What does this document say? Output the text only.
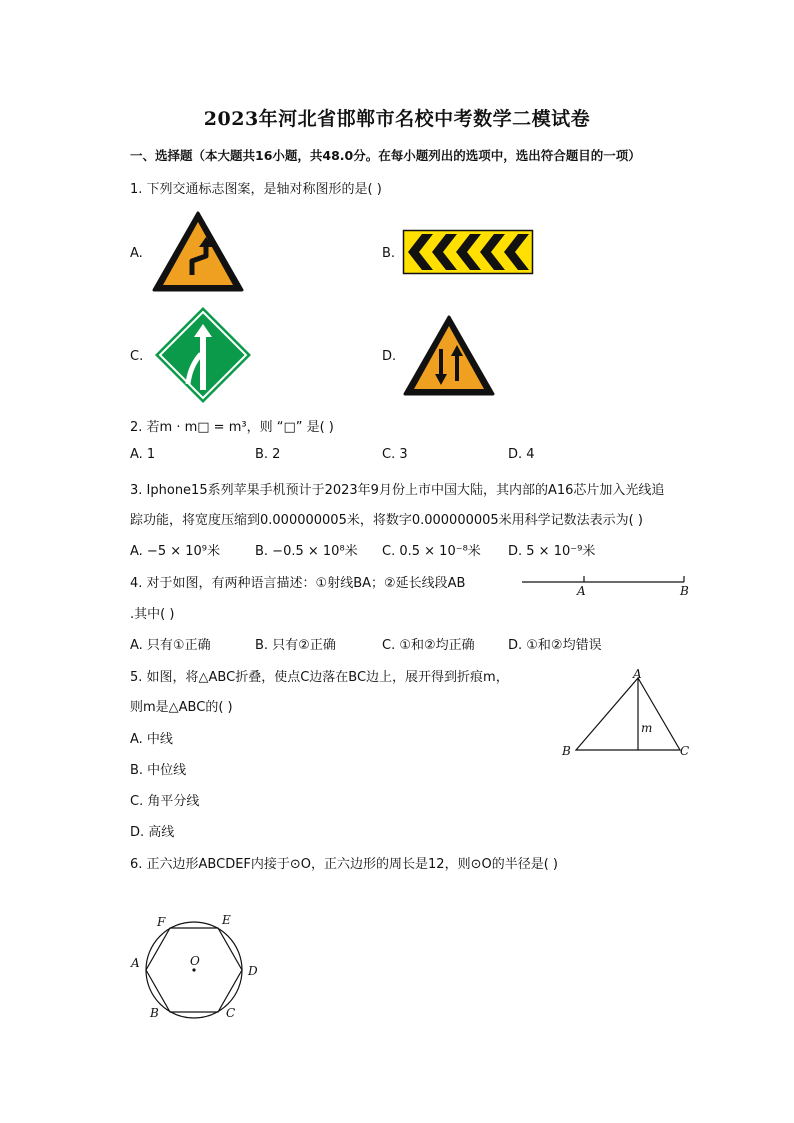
2023年河北省邯郸市名校中考数学二模试卷
一、选择题（本大题共16小题，共48.0分。在每小题列出的选项中，选出符合题目的一项）
1. 下列交通标志图案，是轴对称图形的是( )
A.	B.
C.	D.
2. 若m · m□ = m³，则 “□” 是( )
A. 1	B. 2	C. 3	D. 4
3. Iphone15系列苹果手机预计于2023年9月份上市中国大陆，其内部的A16芯片加入光线追
踪功能，将宽度压缩到0.000000005米，将数字0.000000005米用科学记数法表示为( )
A. −5 × 10⁹米	B. −0.5 × 10⁸米 C. 0.5 × 10⁻⁸米 D. 5 × 10⁻⁹米
4. 对于如图，有两种语言描述：①射线BA；②延长线段AB
.其中( )
A	B
A. 只有①正确	B. 只有②正确	C. ①和②均正确	D. ①和②均错误
5. 如图，将△ABC折叠，使点C边落在BC边上，展开得到折痕m，
则m是△ABC的( )
A. 中线
B. 中位线
C. 角平分线
D. 高线
A
B	C
m
6. 正六边形ABCDEF内接于⊙O，正六边形的周长是12，则⊙O的半径是( )
F	E
A
D
O
B	C
